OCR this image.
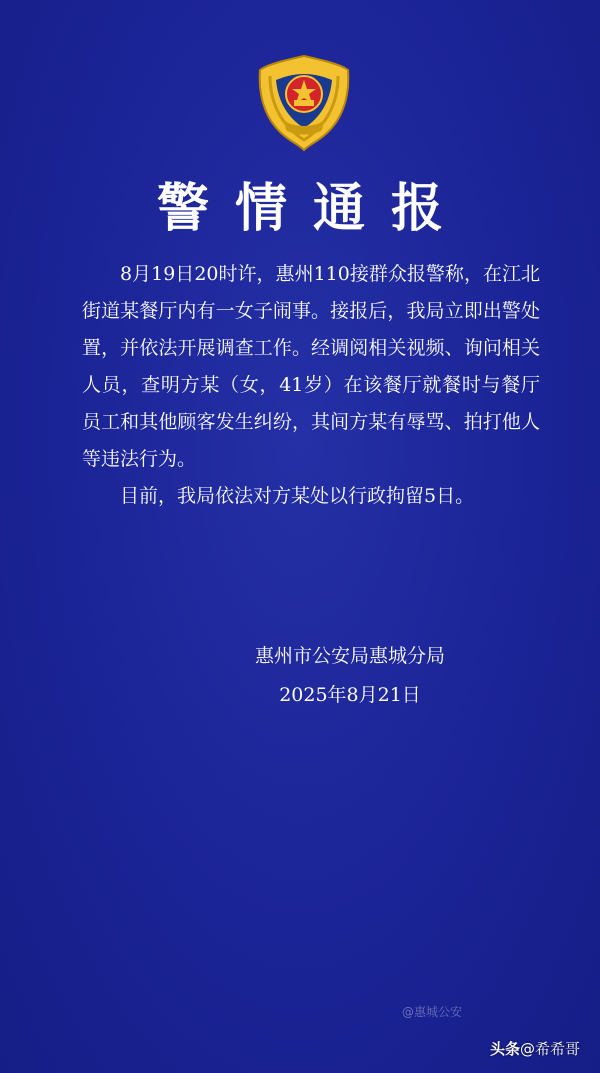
警情通报

8月19日20时许，惠州110接群众报警称，在江北街道某餐厅内有一女子闹事。接报后，我局立即出警处置，并依法开展调查工作。经调阅相关视频、询问相关人员，查明方某（女，41岁）在该餐厅就餐时与餐厅员工和其他顾客发生纠纷，其间方某有辱骂、拍打他人等违法行为。

目前，我局依法对方某处以行政拘留5日。

惠州市公安局惠城分局
2025年8月21日
@惠城公安
头条@希希哥
